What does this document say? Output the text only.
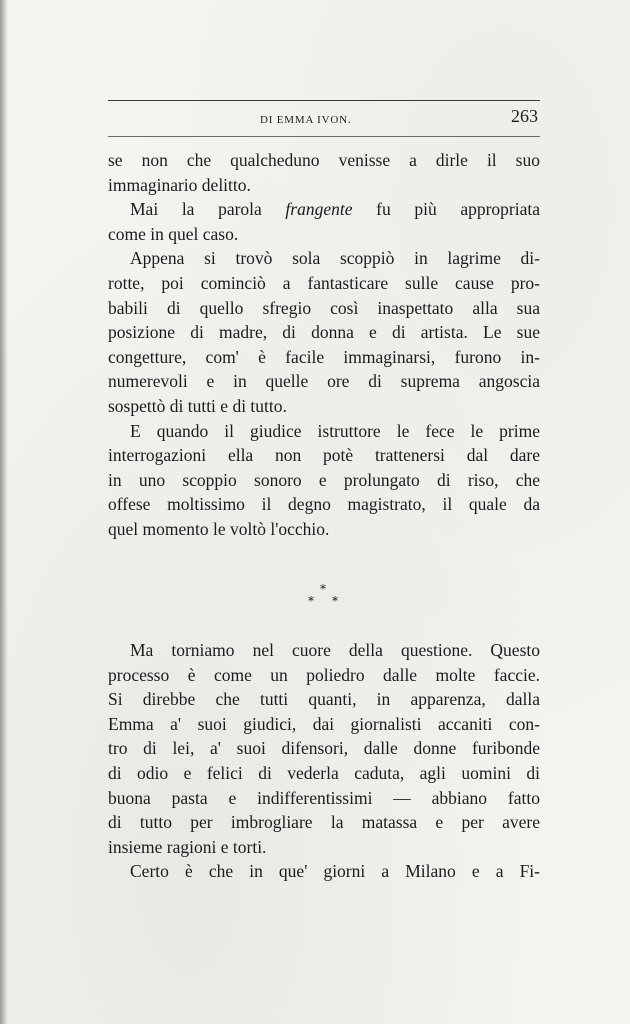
DI EMMA IVON.	263
se non che qualcheduno venisse a dirle il suo
immaginario delitto.
Mai la parola frangente fu più appropriata
come in quel caso.
Appena si trovò sola scoppiò in lagrime di-
rotte, poi cominciò a fantasticare sulle cause pro-
babili di quello sfregio così inaspettato alla sua
posizione di madre, di donna e di artista. Le sue
congetture, com' è facile immaginarsi, furono in-
numerevoli e in quelle ore di suprema angoscia
sospettò di tutti e di tutto.
E quando il giudice istruttore le fece le prime
interrogazioni ella non potè trattenersi dal dare
in uno scoppio sonoro e prolungato di riso, che
offese moltissimo il degno magistrato, il quale da
quel momento le voltò l'occhio.
*
* *
Ma torniamo nel cuore della questione. Questo
processo è come un poliedro dalle molte faccie.
Si direbbe che tutti quanti, in apparenza, dalla
Emma a' suoi giudici, dai giornalisti accaniti con-
tro di lei, a' suoi difensori, dalle donne furibonde
di odio e felici di vederla caduta, agli uomini di
buona pasta e indifferentissimi — abbiano fatto
di tutto per imbrogliare la matassa e per avere
insieme ragioni e torti.
Certo è che in que' giorni a Milano e a Fi-
